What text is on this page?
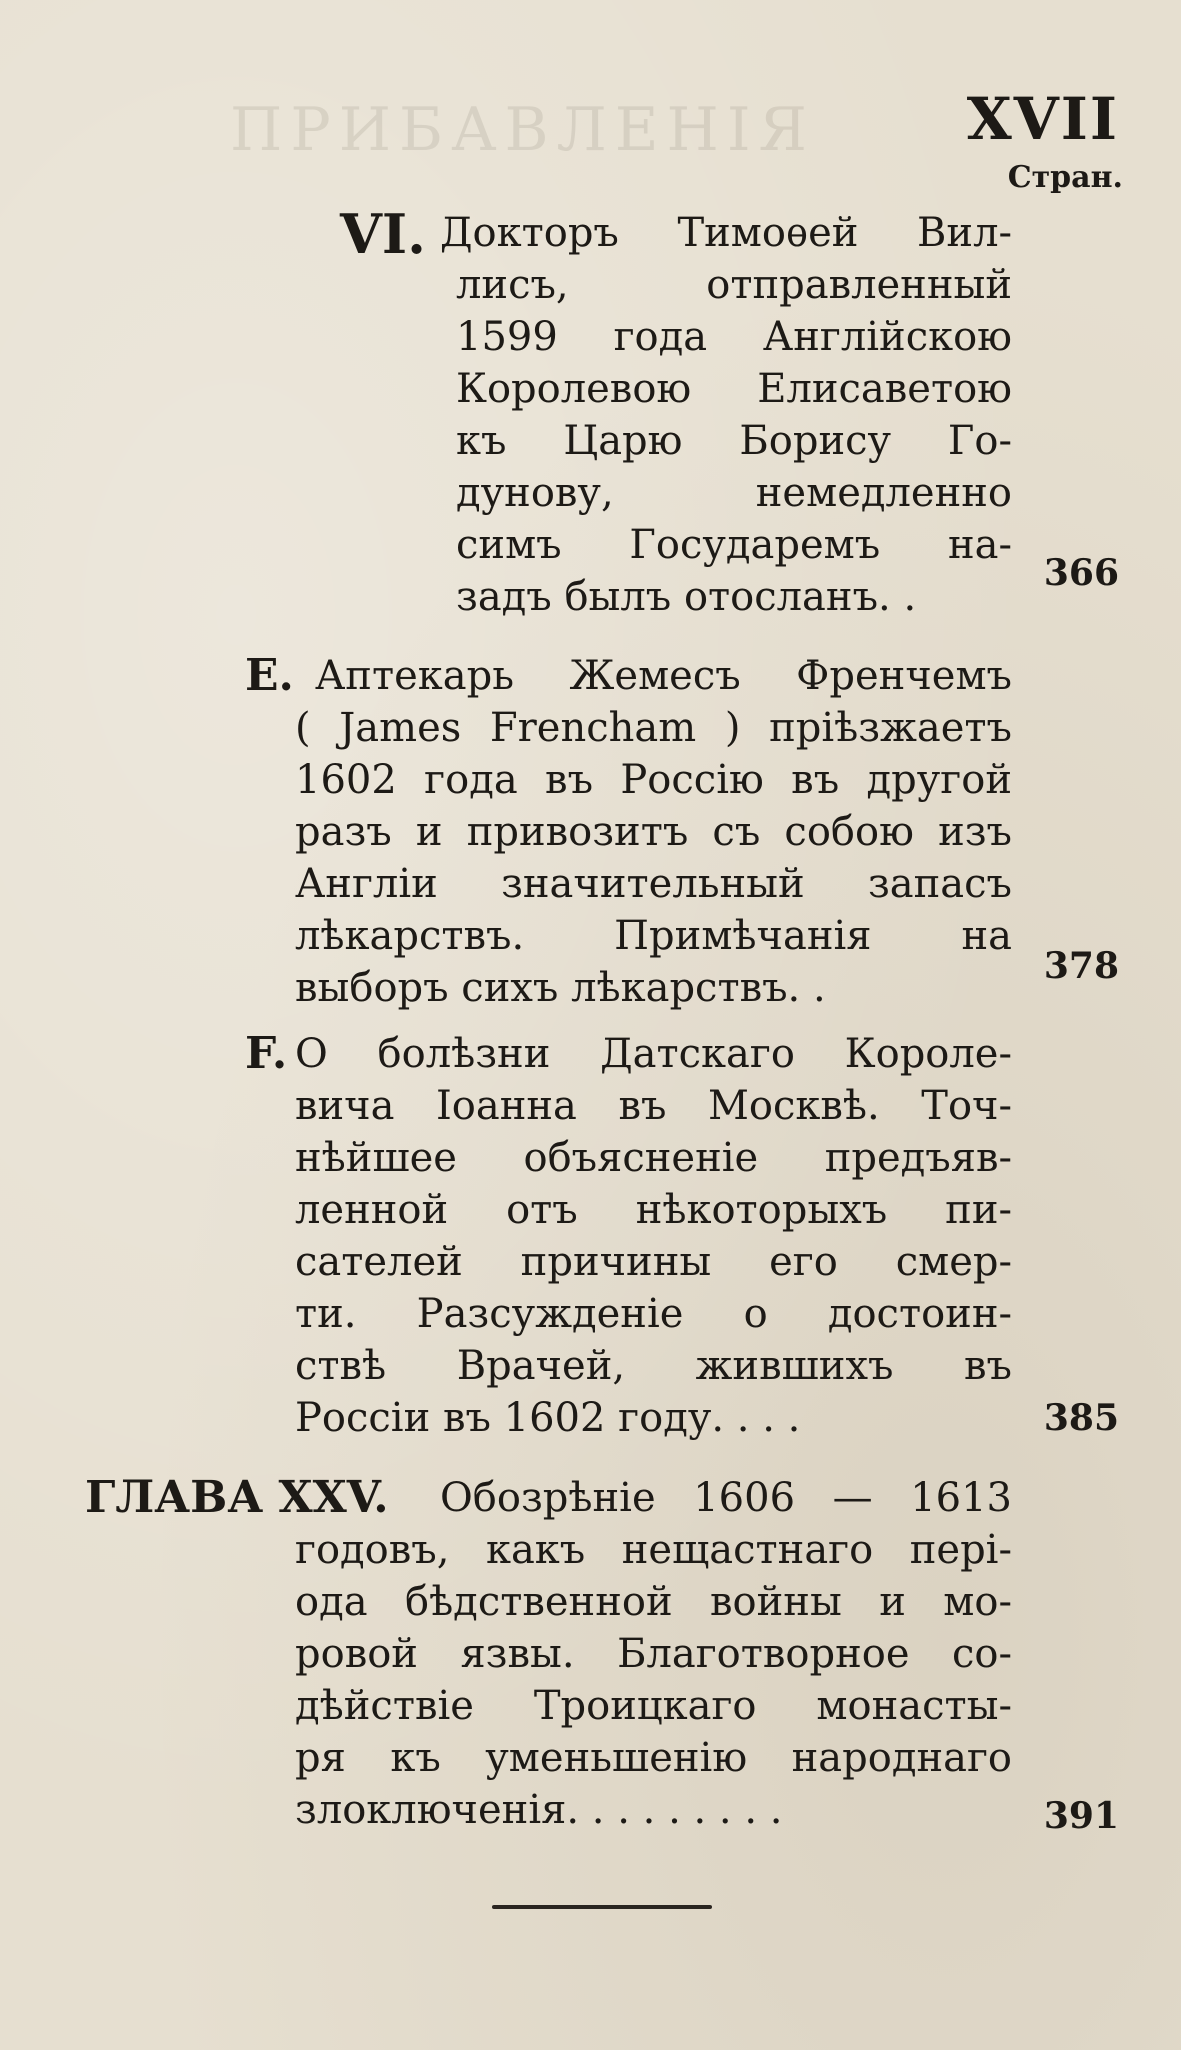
ПРИБАВЛЕНІЯ	XVII
Стран.
VI. Докторъ Тимоѳей Вил-
лисъ, отправленный
1599 года Англійскою
Королевою Елисаветою
къ Царю Борису Го-
дунову, немедленно
симъ Государемъ на-
задъ былъ отосланъ. .
366
E. Аптекарь Жемесъ Френчемъ
( James Frencham ) пріѣзжаетъ
1602 года въ Россію въ другой
разъ и привозитъ съ собою изъ
Англіи значительный запасъ
лѣкарствъ. Примѣчанія на
выборъ сихъ лѣкарствъ. .	378
F. О болѣзни Датскаго Короле-
вича Іоанна въ Москвѣ. Точ-
нѣйшее объясненіе предъяв-
ленной отъ нѣкоторыхъ пи-
сателей причины его смер-
ти. Разсужденіе о достоин-
ствѣ Врачей, жившихъ въ
Россіи въ 1602 году. . . .	385
ГЛАВА XXV. Обозрѣніе 1606 — 1613
годовъ, какъ нещастнаго пері-
ода бѣдственной войны и мо-
ровой язвы. Благотворное со-
дѣйствіе Троицкаго монасты-
ря къ уменьшенію народнаго
злоключенія. . . . . . . . .	391
